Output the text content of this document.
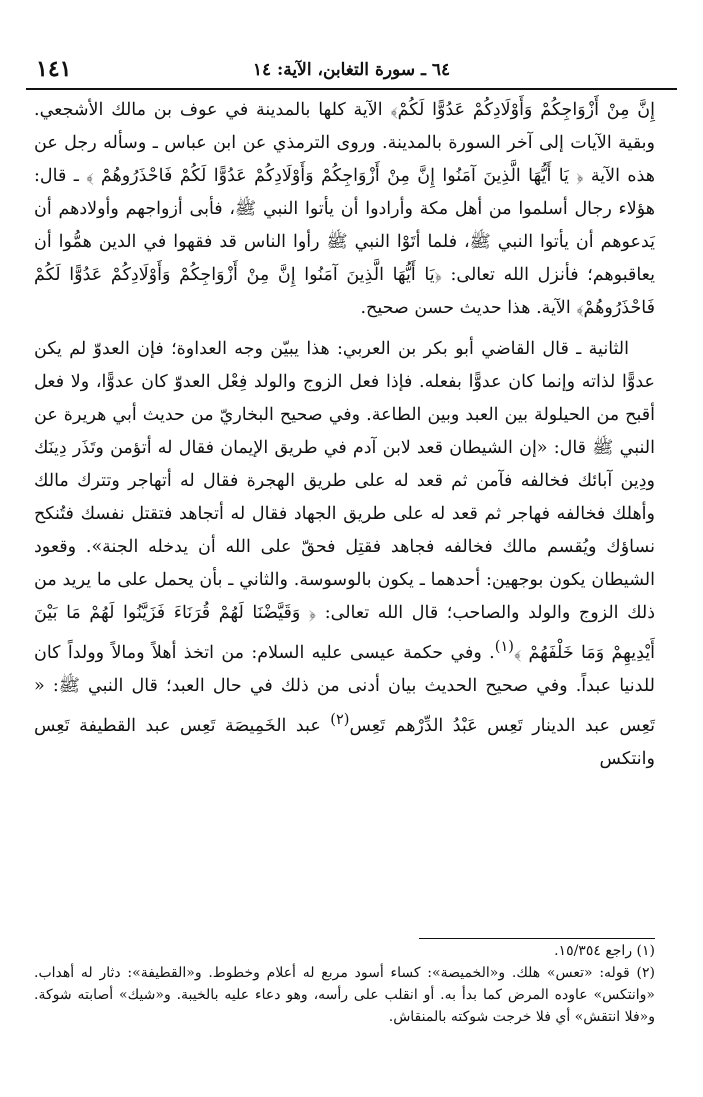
١٤١	٦٤ ـ سورة التغابن، الآية: ١٤

إِنَّ مِنْ أَزْوَاجِكُمْ وَأَوْلَادِكُمْ عَدُوًّا لَكُمْ﴾ الآية كلها بالمدينة في عوف بن مالك الأشجعي. وبقية الآيات إلى آخر السورة بالمدينة. وروى الترمذي عن ابن عباس ـ وسأله رجل عن هذه الآية ﴿ يَا أَيُّهَا الَّذِينَ آمَنُوا إِنَّ مِنْ أَزْوَاجِكُمْ وَأَوْلَادِكُمْ عَدُوًّا لَكُمْ فَاحْذَرُوهُمْ ﴾ ـ قال: هؤلاء رجال أسلموا من أهل مكة وأرادوا أن يأتوا النبي ﷺ، فأبى أزواجهم وأولادهم أن يَدعوهم أن يأتوا النبي ﷺ، فلما أتَوْا النبي ﷺ رأوا الناس قد فقهوا في الدين همُّوا أن يعاقبوهم؛ فأنزل الله تعالى: ﴿يَا أَيُّهَا الَّذِينَ آمَنُوا إِنَّ مِنْ أَزْوَاجِكُمْ وَأَوْلَادِكُمْ عَدُوًّا لَكُمْ فَاحْذَرُوهُمْ﴾ الآية. هذا حديث حسن صحيح.

الثانية ـ قال القاضي أبو بكر بن العربي: هذا يبيّن وجه العداوة؛ فإن العدوّ لم يكن عدوًّا لذاته وإنما كان عدوًّا بفعله. فإذا فعل الزوج والولد فِعْل العدوّ كان عدوًّا، ولا فعل أقبح من الحيلولة بين العبد وبين الطاعة. وفي صحيح البخاريّ من حديث أبي هريرة عن النبي ﷺ قال: «إن الشيطان قعد لابن آدم في طريق الإيمان فقال له أتؤمن وتَذَر دِينَك ودِين آبائك فخالفه فآمن ثم قعد له على طريق الهجرة فقال له أتهاجر وتترك مالك وأهلك فخالفه فهاجر ثم قعد له على طريق الجهاد فقال له أتجاهد فتقتل نفسك فتُنكح نساؤك ويُقسم مالك فخالفه فجاهد فقتِل فحقّ على الله أن يدخله الجنة». وقعود الشيطان يكون بوجهين: أحدهما ـ يكون بالوسوسة. والثاني ـ بأن يحمل على ما يريد من ذلك الزوج والولد والصاحب؛ قال الله تعالى: ﴿ وَقَيَّضْنَا لَهُمْ قُرَنَاءَ فَزَيَّنُوا لَهُمْ مَا بَيْنَ أَيْدِيهِمْ وَمَا خَلْفَهُمْ ﴾$^{(١)}$. وفي حكمة عيسى عليه السلام: من اتخذ أهلاً ومالاً وولداً كان للدنيا عبداً. وفي صحيح الحديث بيان أدنى من ذلك في حال العبد؛ قال النبي ﷺ: « تَعِس عبد الدينار تَعِس عَبْدُ الدِّرْهم تَعِس$^{(٢)}$ عبد الخَمِيصَة تَعِس عبد القطيفة تَعِس وانتكس

(١) راجع ١٥/٣٥٤.

(٢) قوله: «تعس» هلك. و«الخميصة»: كساء أسود مربع له أعلام وخطوط. و«القطيفة»: دثار له أهداب. «وانتكس» عاوده المرض كما بدأ به. أو انقلب على رأسه، وهو دعاء عليه بالخيبة. و«شيك» أصابته شوكة. و«فلا انتقش» أي فلا خرجت شوكته بالمنقاش.
